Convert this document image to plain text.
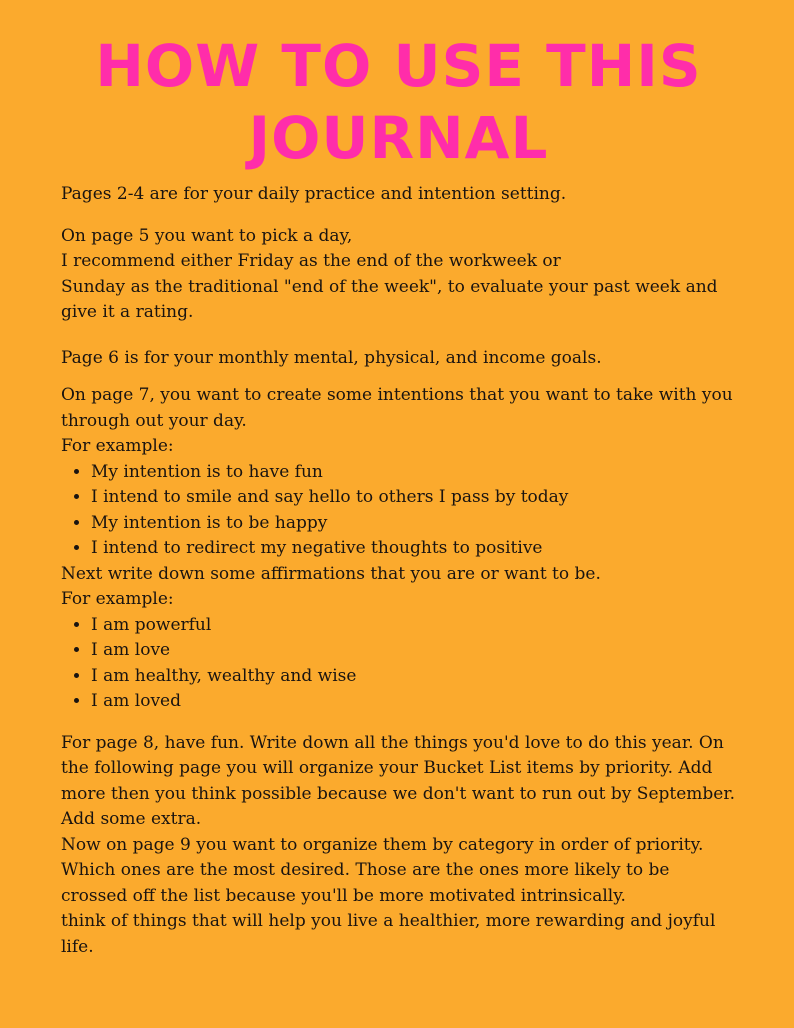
HOW TO USE THIS JOURNAL

Pages 2-4 are for your daily practice and intention setting.

On page 5 you want to pick a day,

I recommend either Friday as the end of the workweek or

Sunday as the traditional "end of the week", to evaluate your past week and give it a rating.

Page 6 is for your monthly mental, physical, and income goals.

On page 7, you want to create some intentions that you want to take with you through out your day.

For example:

• My intention is to have fun
• I intend to smile and say hello to others I pass by today
• My intention is to be happy
• I intend to redirect my negative thoughts to positive

Next write down some affirmations that you are or want to be.

For example:

• I am powerful
• I am love
• I am healthy, wealthy and wise
• I am loved

For page 8, have fun. Write down all the things you'd love to do this year. On the following page you will organize your Bucket List items by priority. Add more then you think possible because we don't want to run out by September. Add some extra.

Now on page 9 you want to organize them by category in order of priority. Which ones are the most desired. Those are the ones more likely to be crossed off the list because you'll be more motivated intrinsically.

think of things that will help you live a healthier, more rewarding and joyful life.
